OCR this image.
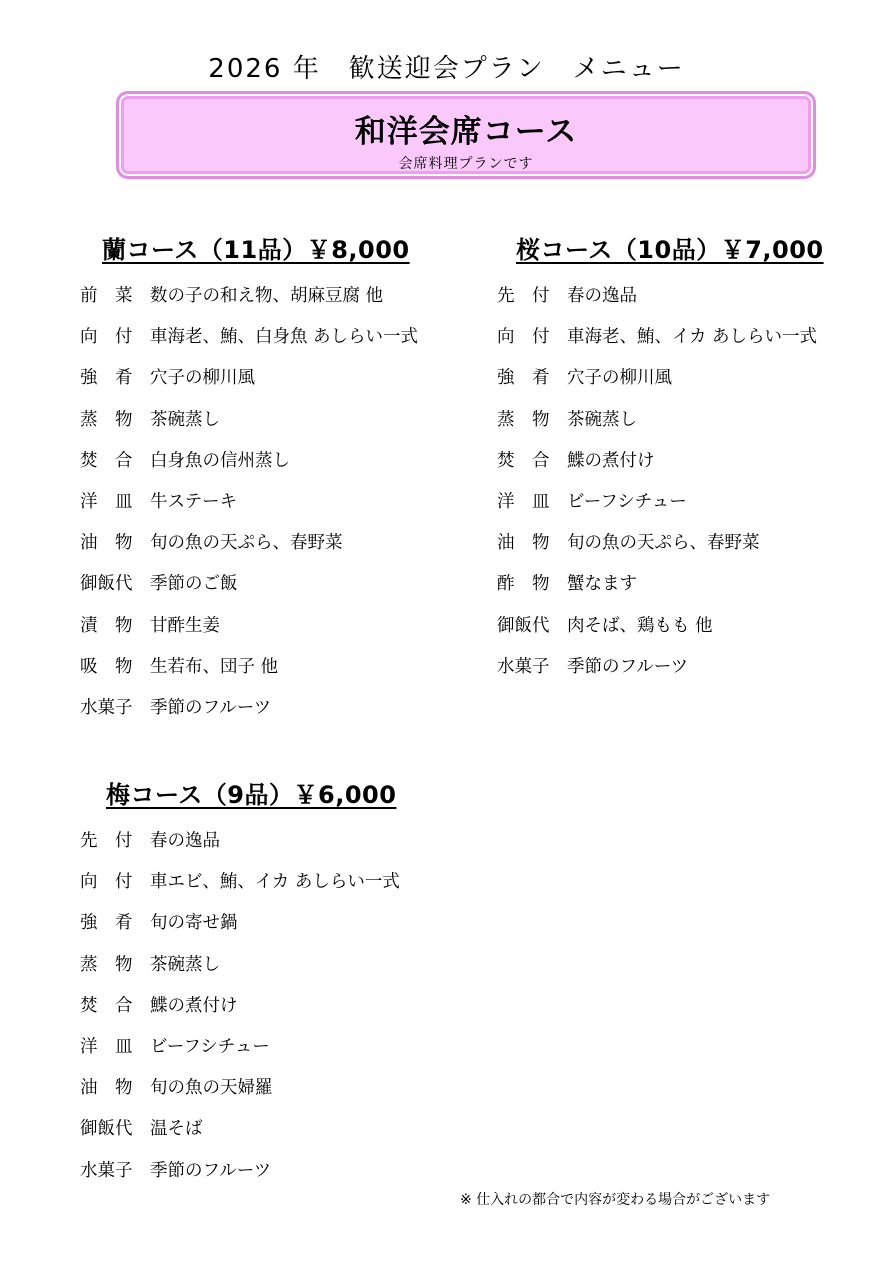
2026 年　歓送迎会プラン　メニュー
和洋会席コース
会席料理プランです
蘭コース（11品）￥8,000
前　菜	数の子の和え物、胡麻豆腐 他
向　付	車海老、鮪、白身魚 あしらい一式
強　肴	穴子の柳川風
蒸　物	茶碗蒸し
焚　合	白身魚の信州蒸し
洋　皿	牛ステーキ
油　物	旬の魚の天ぷら、春野菜
御飯代	季節のご飯
漬　物	甘酢生姜
吸　物	生若布、団子 他
水菓子	季節のフルーツ
桜コース（10品）￥7,000
先　付	春の逸品
向　付	車海老、鮪、イカ あしらい一式
強　肴	穴子の柳川風
蒸　物	茶碗蒸し
焚　合	鰈の煮付け
洋　皿	ビーフシチュー
油　物	旬の魚の天ぷら、春野菜
酢　物	蟹なます
御飯代	肉そば、鶏もも 他
水菓子	季節のフルーツ
梅コース（9品）￥6,000
先　付	春の逸品
向　付	車エビ、鮪、イカ あしらい一式
強　肴	旬の寄せ鍋
蒸　物	茶碗蒸し
焚　合	鰈の煮付け
洋　皿	ビーフシチュー
油　物	旬の魚の天婦羅
御飯代	温そば
水菓子	季節のフルーツ
※ 仕入れの都合で内容が変わる場合がございます
